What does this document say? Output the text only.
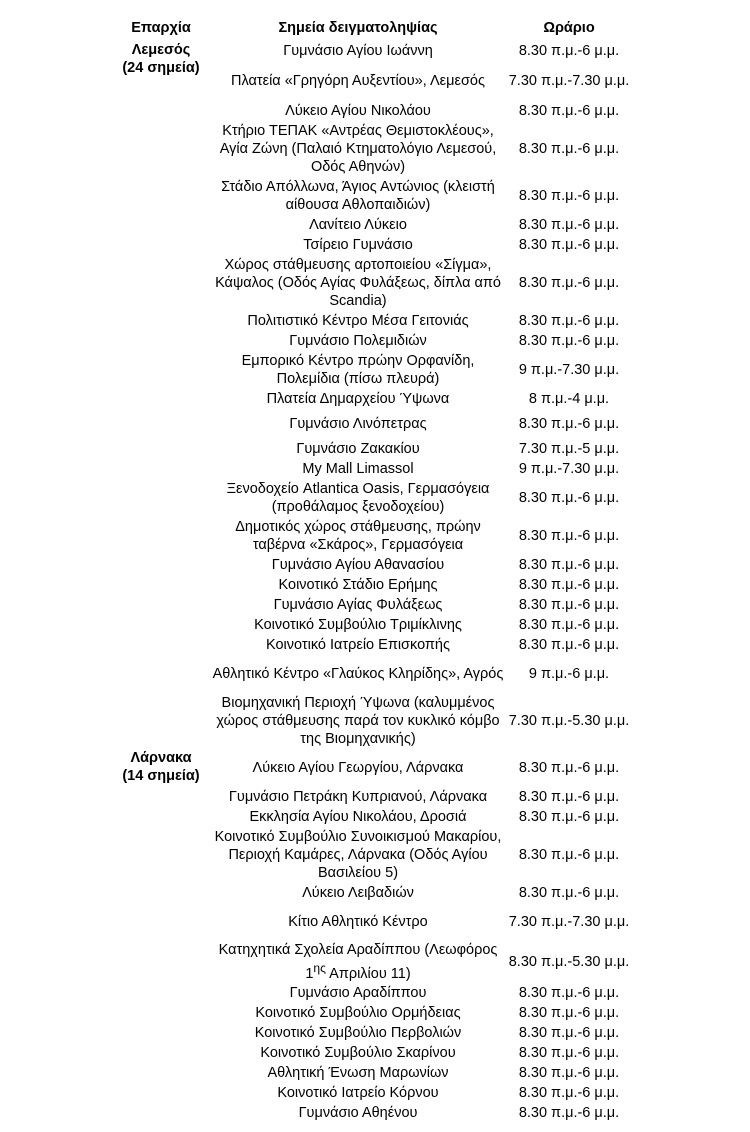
Επαρχία	Σημεία δειγματοληψίας	Ωράριο

Λεμεσός
(24 σημεία)	Γυμνάσιο Αγίου Ιωάννη	8.30 π.μ.-6 μ.μ.
	Πλατεία «Γρηγόρη Αυξεντίου», Λεμεσός	7.30 π.μ.-7.30 μ.μ.
	Λύκειο Αγίου Νικολάου	8.30 π.μ.-6 μ.μ.
	Κτήριο ΤΕΠΑΚ «Αντρέας Θεμιστοκλέους», Αγία Ζώνη (Παλαιό Κτηματολόγιο Λεμεσού, Οδός Αθηνών)	8.30 π.μ.-6 μ.μ.
	Στάδιο Απόλλωνα, Άγιος Αντώνιος (κλειστή αίθουσα Αθλοπαιδιών)	8.30 π.μ.-6 μ.μ.
	Λανίτειο Λύκειο	8.30 π.μ.-6 μ.μ.
	Τσίρειο Γυμνάσιο	8.30 π.μ.-6 μ.μ.
	Χώρος στάθμευσης αρτοποιείου «Σίγμα», Κάψαλος (Οδός Αγίας Φυλάξεως, δίπλα από Scandia)	8.30 π.μ.-6 μ.μ.
	Πολιτιστικό Κέντρο Μέσα Γειτονιάς	8.30 π.μ.-6 μ.μ.
	Γυμνάσιο Πολεμιδιών	8.30 π.μ.-6 μ.μ.
	Εμπορικό Κέντρο πρώην Ορφανίδη, Πολεμίδια (πίσω πλευρά)	9 π.μ.-7.30 μ.μ.
	Πλατεία Δημαρχείου Ύψωνα	8 π.μ.-4 μ.μ.
	Γυμνάσιο Λινόπετρας	8.30 π.μ.-6 μ.μ.
	Γυμνάσιο Ζακακίου	7.30 π.μ.-5 μ.μ.
	My Mall Limassol	9 π.μ.-7.30 μ.μ.
	Ξενοδοχείο Atlantica Oasis, Γερμασόγεια (προθάλαμος ξενοδοχείου)	8.30 π.μ.-6 μ.μ.
	Δημοτικός χώρος στάθμευσης, πρώην ταβέρνα «Σκάρος», Γερμασόγεια	8.30 π.μ.-6 μ.μ.
	Γυμνάσιο Αγίου Αθανασίου	8.30 π.μ.-6 μ.μ.
	Κοινοτικό Στάδιο Ερήμης	8.30 π.μ.-6 μ.μ.
	Γυμνάσιο Αγίας Φυλάξεως	8.30 π.μ.-6 μ.μ.
	Κοινοτικό Συμβούλιο Τριμίκλινης	8.30 π.μ.-6 μ.μ.
	Κοινοτικό Ιατρείο Επισκοπής	8.30 π.μ.-6 μ.μ.
	Αθλητικό Κέντρο «Γλαύκος Κληρίδης», Αγρός	9 π.μ.-6 μ.μ.
	Βιομηχανική Περιοχή Ύψωνα (καλυμμένος χώρος στάθμευσης παρά τον κυκλικό κόμβο της Βιομηχανικής)	7.30 π.μ.-5.30 μ.μ.

Λάρνακα
(14 σημεία)	Λύκειο Αγίου Γεωργίου, Λάρνακα	8.30 π.μ.-6 μ.μ.
	Γυμνάσιο Πετράκη Κυπριανού, Λάρνακα	8.30 π.μ.-6 μ.μ.
	Εκκλησία Αγίου Νικολάου, Δροσιά	8.30 π.μ.-6 μ.μ.
	Κοινοτικό Συμβούλιο Συνοικισμού Μακαρίου, Περιοχή Καμάρες, Λάρνακα (Οδός Αγίου Βασιλείου 5)	8.30 π.μ.-6 μ.μ.
	Λύκειο Λειβαδιών	8.30 π.μ.-6 μ.μ.
	Κίτιο Αθλητικό Κέντρο	7.30 π.μ.-7.30 μ.μ.
	Κατηχητικά Σχολεία Αραδίππου (Λεωφόρος $1^{\eta\varsigma}$ Απριλίου 11)	8.30 π.μ.-5.30 μ.μ.
	Γυμνάσιο Αραδίππου	8.30 π.μ.-6 μ.μ.
	Κοινοτικό Συμβούλιο Ορμήδειας	8.30 π.μ.-6 μ.μ.
	Κοινοτικό Συμβούλιο Περβολιών	8.30 π.μ.-6 μ.μ.
	Κοινοτικό Συμβούλιο Σκαρίνου	8.30 π.μ.-6 μ.μ.
	Αθλητική Ένωση Μαρωνίων	8.30 π.μ.-6 μ.μ.
	Κοινοτικό Ιατρείο Κόρνου	8.30 π.μ.-6 μ.μ.
	Γυμνάσιο Αθηένου	8.30 π.μ.-6 μ.μ.
